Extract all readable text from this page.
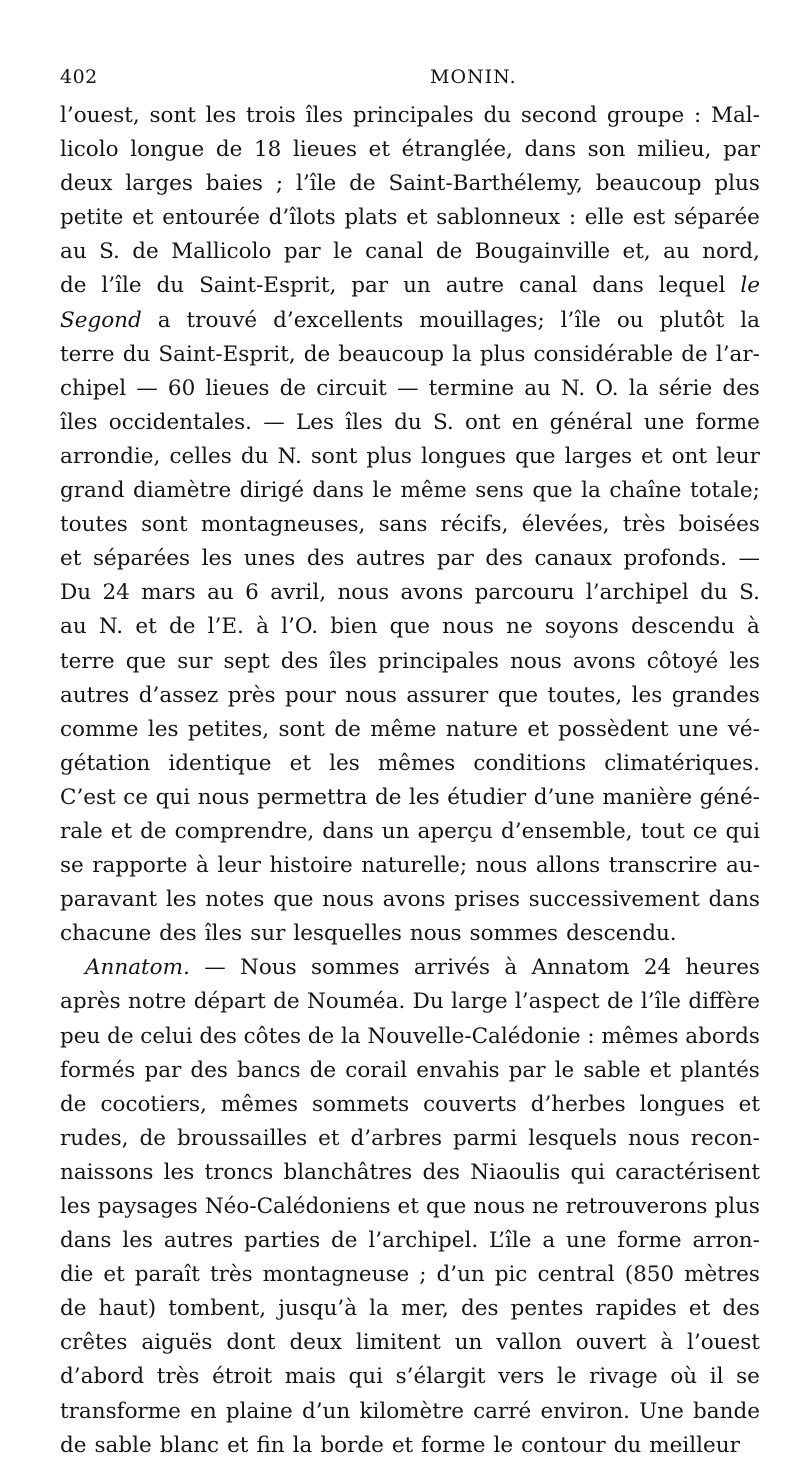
402	MONIN.
l’ouest, sont les trois îles principales du second groupe : Mal-
licolo longue de 18 lieues et étranglée, dans son milieu, par
deux larges baies ; l’île de Saint-Barthélemy, beaucoup plus
petite et entourée d’îlots plats et sablonneux : elle est séparée
au S. de Mallicolo par le canal de Bougainville et, au nord,
de l’île du Saint-Esprit, par un autre canal dans lequel le
Segond a trouvé d’excellents mouillages; l’île ou plutôt la
terre du Saint-Esprit, de beaucoup la plus considérable de l’ar-
chipel — 60 lieues de circuit — termine au N. O. la série des
îles occidentales. — Les îles du S. ont en général une forme
arrondie, celles du N. sont plus longues que larges et ont leur
grand diamètre dirigé dans le même sens que la chaîne totale;
toutes sont montagneuses, sans récifs, élevées, très boisées
et séparées les unes des autres par des canaux profonds. —
Du 24 mars au 6 avril, nous avons parcouru l’archipel du S.
au N. et de l’E. à l’O. bien que nous ne soyons descendu à
terre que sur sept des îles principales nous avons côtoyé les
autres d’assez près pour nous assurer que toutes, les grandes
comme les petites, sont de même nature et possèdent une vé-
gétation identique et les mêmes conditions climatériques.
C’est ce qui nous permettra de les étudier d’une manière géné-
rale et de comprendre, dans un aperçu d’ensemble, tout ce qui
se rapporte à leur histoire naturelle; nous allons transcrire au-
paravant les notes que nous avons prises successivement dans
chacune des îles sur lesquelles nous sommes descendu.
Annatom. — Nous sommes arrivés à Annatom 24 heures
après notre départ de Nouméa. Du large l’aspect de l’île diffère
peu de celui des côtes de la Nouvelle-Calédonie : mêmes abords
formés par des bancs de corail envahis par le sable et plantés
de cocotiers, mêmes sommets couverts d’herbes longues et
rudes, de broussailles et d’arbres parmi lesquels nous recon-
naissons les troncs blanchâtres des Niaoulis qui caractérisent
les paysages Néo-Calédoniens et que nous ne retrouverons plus
dans les autres parties de l’archipel. L’île a une forme arron-
die et paraît très montagneuse ; d’un pic central (850 mètres
de haut) tombent, jusqu’à la mer, des pentes rapides et des
crêtes aiguës dont deux limitent un vallon ouvert à l’ouest
d’abord très étroit mais qui s’élargit vers le rivage où il se
transforme en plaine d’un kilomètre carré environ. Une bande
de sable blanc et fin la borde et forme le contour du meilleur
